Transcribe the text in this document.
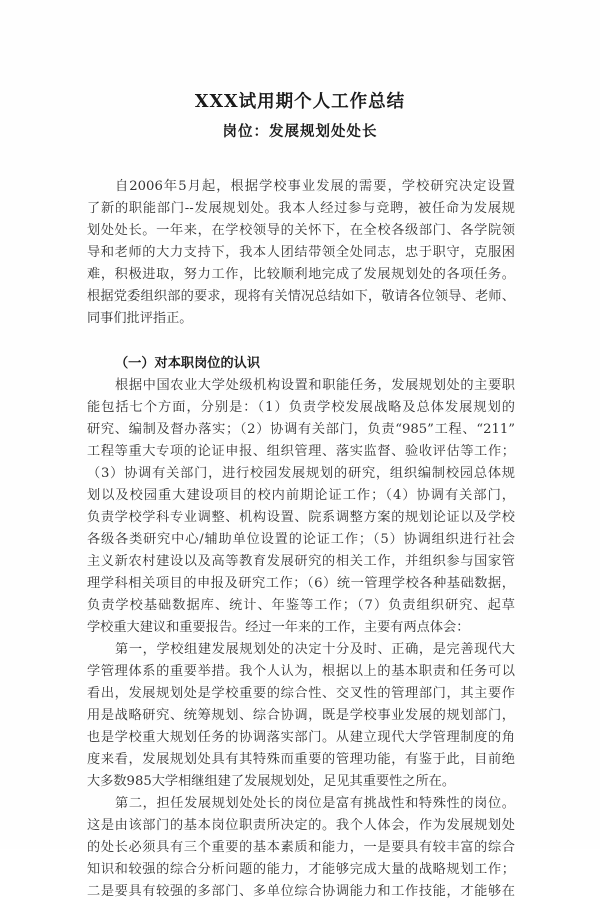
XXX试用期个人工作总结
岗位：发展规划处处长
自2006年5月起，根据学校事业发展的需要，学校研究决定设置
了新的职能部门--发展规划处。我本人经过参与竞聘，被任命为发展规
划处处长。一年来，在学校领导的关怀下，在全校各级部门、各学院领
导和老师的大力支持下，我本人团结带领全处同志，忠于职守，克服困
难，积极进取，努力工作，比较顺利地完成了发展规划处的各项任务。
根据党委组织部的要求，现将有关情况总结如下，敬请各位领导、老师、
同事们批评指正。
（一）对本职岗位的认识
根据中国农业大学处级机构设置和职能任务，发展规划处的主要职
能包括七个方面，分别是：（1）负责学校发展战略及总体发展规划的
研究、编制及督办落实；（2）协调有关部门，负责“985”工程、“211”
工程等重大专项的论证申报、组织管理、落实监督、验收评估等工作；
（3）协调有关部门，进行校园发展规划的研究，组织编制校园总体规
划以及校园重大建设项目的校内前期论证工作；（4）协调有关部门，
负责学校学科专业调整、机构设置、院系调整方案的规划论证以及学校
各级各类研究中心/辅助单位设置的论证工作；（5）协调组织进行社会
主义新农村建设以及高等教育发展研究的相关工作，并组织参与国家管
理学科相关项目的申报及研究工作；（6）统一管理学校各种基础数据，
负责学校基础数据库、统计、年鉴等工作；（7）负责组织研究、起草
学校重大建议和重要报告。经过一年来的工作，主要有两点体会：
第一，学校组建发展规划处的决定十分及时、正确，是完善现代大
学管理体系的重要举措。我个人认为，根据以上的基本职责和任务可以
看出，发展规划处是学校重要的综合性、交叉性的管理部门，其主要作
用是战略研究、统筹规划、综合协调，既是学校事业发展的规划部门，
也是学校重大规划任务的协调落实部门。从建立现代大学管理制度的角
度来看，发展规划处具有其特殊而重要的管理功能，有鉴于此，目前绝
大多数985大学相继组建了发展规划处，足见其重要性之所在。
第二，担任发展规划处处长的岗位是富有挑战性和特殊性的岗位。
这是由该部门的基本岗位职责所决定的。我个人体会，作为发展规划处
的处长必须具有三个重要的基本素质和能力，一是要具有较丰富的综合
知识和较强的综合分析问题的能力，才能够完成大量的战略规划工作；
二是要具有较强的多部门、多单位综合协调能力和工作技能，才能够在
